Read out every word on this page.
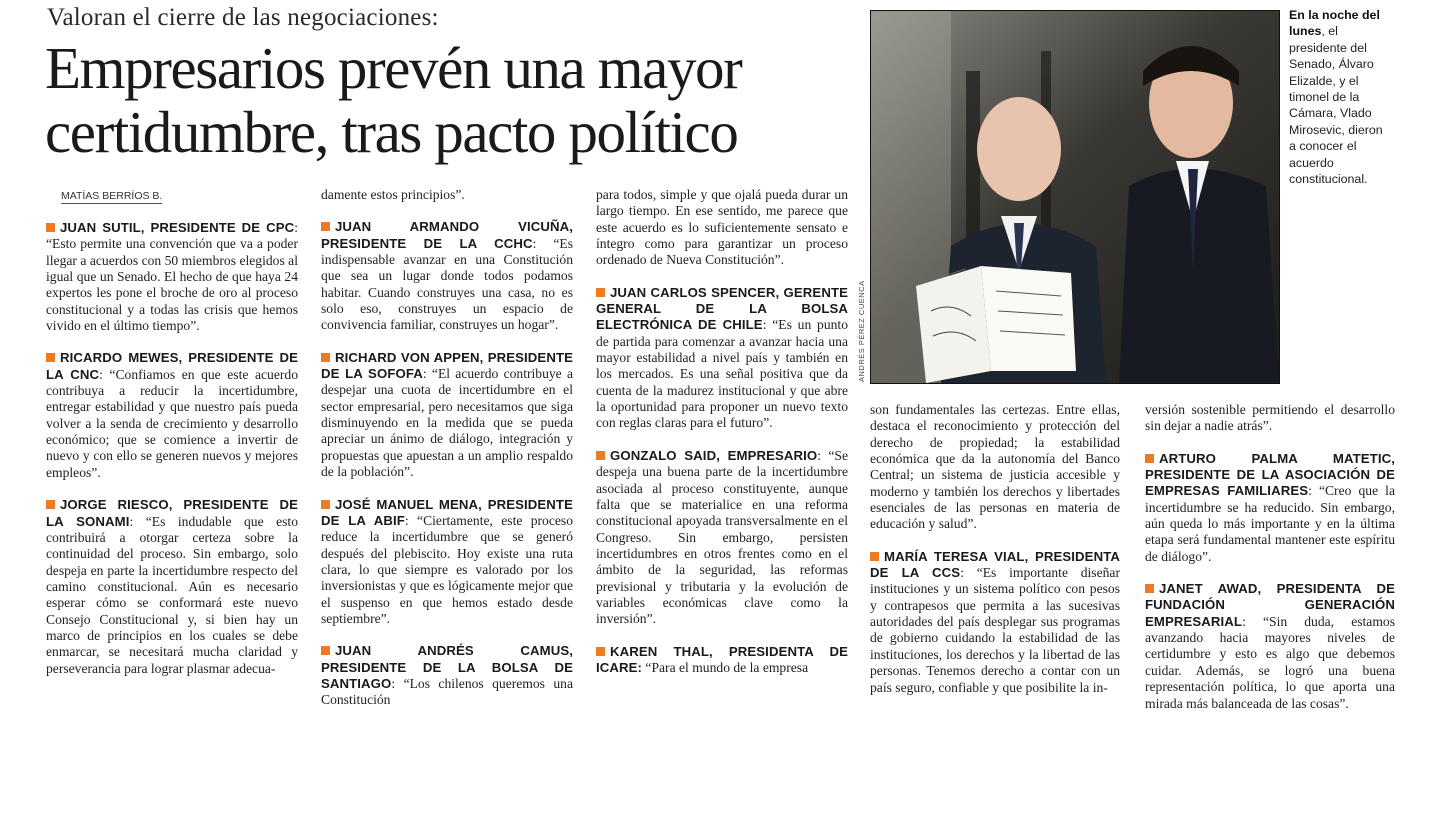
Valoran el cierre de las negociaciones:
Empresarios prevén una mayor certidumbre, tras pacto político
MATÍAS BERRÍOS B.

JUAN SUTIL, PRESIDENTE DE CPC: “Esto permite una convención que va a poder llegar a acuerdos con 50 miembros elegidos al igual que un Senado. El hecho de que haya 24 expertos les pone el broche de oro al proceso constitucional y a todas las crisis que hemos vivido en el último tiempo”.

RICARDO MEWES, PRESIDENTE DE LA CNC: “Confiamos en que este acuerdo contribuya a reducir la incertidumbre, entregar estabilidad y que nuestro país pueda volver a la senda de crecimiento y desarrollo económico; que se comience a invertir de nuevo y con ello se generen nuevos y mejores empleos”.

JORGE RIESCO, PRESIDENTE DE LA SONAMI: “Es indudable que esto contribuirá a otorgar certeza sobre la continuidad del proceso. Sin embargo, solo despeja en parte la incertidumbre respecto del camino constitucional. Aún es necesario esperar cómo se conformará este nuevo Consejo Constitucional y, si bien hay un marco de principios en los cuales se debe enmarcar, se necesitará mucha claridad y perseverancia para lograr plasmar adecua-

damente estos principios”.

JUAN ARMANDO VICUÑA, PRESIDENTE DE LA CCHC: “Es indispensable avanzar en una Constitución que sea un lugar donde todos podamos habitar. Cuando construyes una casa, no es solo eso, construyes un espacio de convivencia familiar, construyes un hogar”.

RICHARD VON APPEN, PRESIDENTE DE LA SOFOFA: “El acuerdo contribuye a despejar una cuota de incertidumbre en el sector empresarial, pero necesitamos que siga disminuyendo en la medida que se pueda apreciar un ánimo de diálogo, integración y propuestas que apuestan a un amplio respaldo de la población”.

JOSÉ MANUEL MENA, PRESIDENTE DE LA ABIF: “Ciertamente, este proceso reduce la incertidumbre que se generó después del plebiscito. Hoy existe una ruta clara, lo que siempre es valorado por los inversionistas y que es lógicamente mejor que el suspenso en que hemos estado desde septiembre”.

JUAN ANDRÉS CAMUS, PRESIDENTE DE LA BOLSA DE SANTIAGO: “Los chilenos queremos una Constitución

para todos, simple y que ojalá pueda durar un largo tiempo. En ese sentido, me parece que este acuerdo es lo suficientemente sensato e íntegro como para garantizar un proceso ordenado de Nueva Constitución”.

JUAN CARLOS SPENCER, GERENTE GENERAL DE LA BOLSA ELECTRÓNICA DE CHILE: “Es un punto de partida para comenzar a avanzar hacia una mayor estabilidad a nivel país y también en los mercados. Es una señal positiva que da cuenta de la madurez institucional y que abre la oportunidad para proponer un nuevo texto con reglas claras para el futuro”.

GONZALO SAID, EMPRESARIO: “Se despeja una buena parte de la incertidumbre asociada al proceso constituyente, aunque falta que se materialice en una reforma constitucional apoyada transversalmente en el Congreso. Sin embargo, persisten incertidumbres en otros frentes como en el ámbito de la seguridad, las reformas previsional y tributaria y la evolución de variables económicas clave como la inversión”.

KAREN THAL, PRESIDENTA DE ICARE: “Para el mundo de la empresa

ANDRÉS PÉREZ CUENCA
En la noche del lunes, el presidente del Senado, Álvaro Elizalde, y el timonel de la Cámara, Vlado Mirosevic, dieron a conocer el acuerdo constitucional.

son fundamentales las certezas. Entre ellas, destaca el reconocimiento y protección del derecho de propiedad; la estabilidad económica que da la autonomía del Banco Central; un sistema de justicia accesible y moderno y también los derechos y libertades esenciales de las personas en materia de educación y salud”.

MARÍA TERESA VIAL, PRESIDENTA DE LA CCS: “Es importante diseñar instituciones y un sistema político con pesos y contrapesos que permita a las sucesivas autoridades del país desplegar sus programas de gobierno cuidando la estabilidad de las instituciones, los derechos y la libertad de las personas. Tenemos derecho a contar con un país seguro, confiable y que posibilite la in-

versión sostenible permitiendo el desarrollo sin dejar a nadie atrás”.

ARTURO PALMA MATETIC, PRESIDENTE DE LA ASOCIACIÓN DE EMPRESAS FAMILIARES: “Creo que la incertidumbre se ha reducido. Sin embargo, aún queda lo más importante y en la última etapa será fundamental mantener este espíritu de diálogo”.

JANET AWAD, PRESIDENTA DE FUNDACIÓN GENERACIÓN EMPRESARIAL: “Sin duda, estamos avanzando hacia mayores niveles de certidumbre y esto es algo que debemos cuidar. Además, se logró una buena representación política, lo que aporta una mirada más balanceada de las cosas”.
